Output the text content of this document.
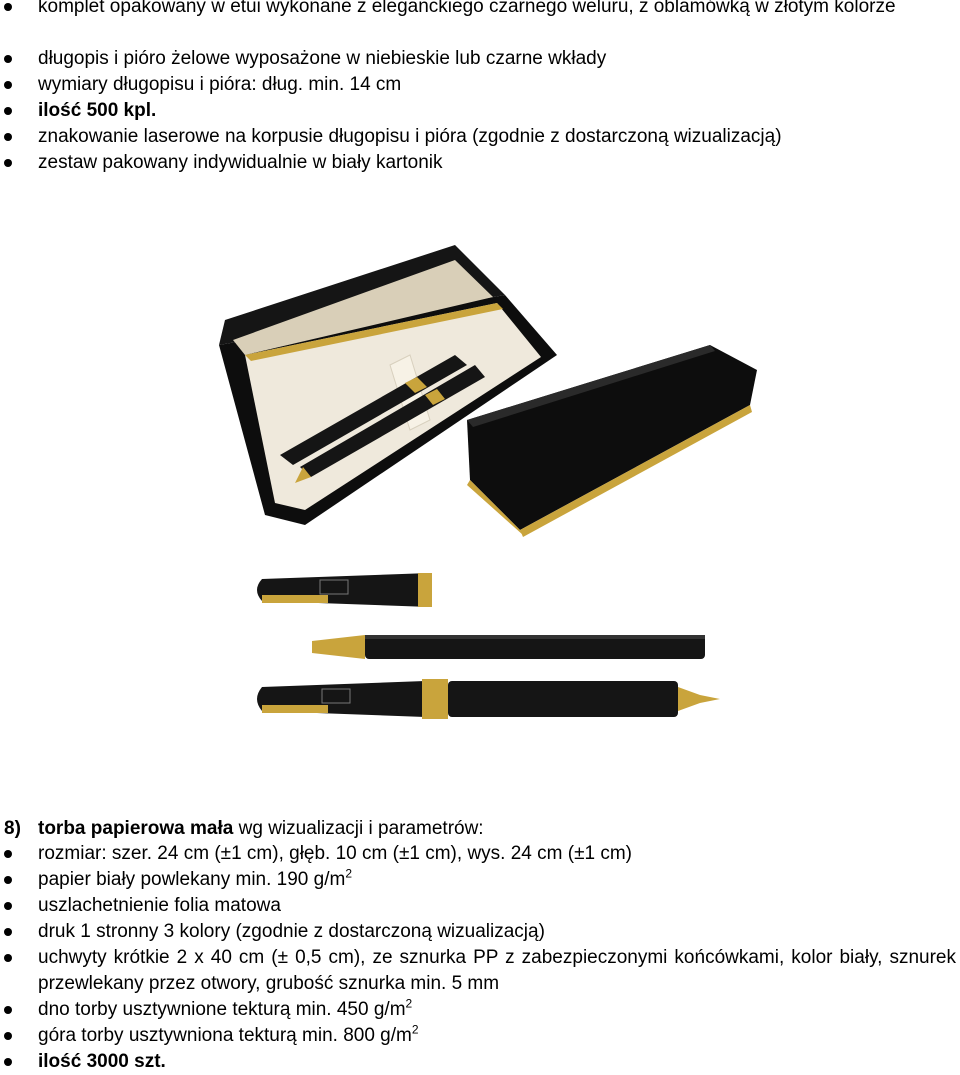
komplet opakowany w etui wykonane z eleganckiego czarnego weluru, z oblamówką w złotym kolorze
długopis i pióro żelowe wyposażone w niebieskie lub czarne wkłady
wymiary długopisu i pióra: dług. min. 14 cm
ilość 500 kpl.
znakowanie laserowe na korpusie długopisu i pióra (zgodnie z dostarczoną wizualizacją)
zestaw pakowany indywidualnie w biały kartonik
8) torba papierowa mała wg wizualizacji i parametrów:
rozmiar: szer. 24 cm (±1 cm), głęb. 10 cm (±1 cm), wys. 24 cm (±1 cm)
papier biały powlekany min. 190 $g/m^2$
uszlachetnienie folia matowa
druk 1 stronny 3 kolory (zgodnie z dostarczoną wizualizacją)
uchwyty krótkie 2 x 40 cm (± 0,5 cm), ze sznurka PP z zabezpieczonymi końcówkami, kolor biały, sznurek przewlekany przez otwory, grubość sznurka min. 5 mm
dno torby usztywnione tekturą min. 450 $g/m^2$
góra torby usztywniona tekturą min. 800 $g/m^2$
ilość 3000 szt.
